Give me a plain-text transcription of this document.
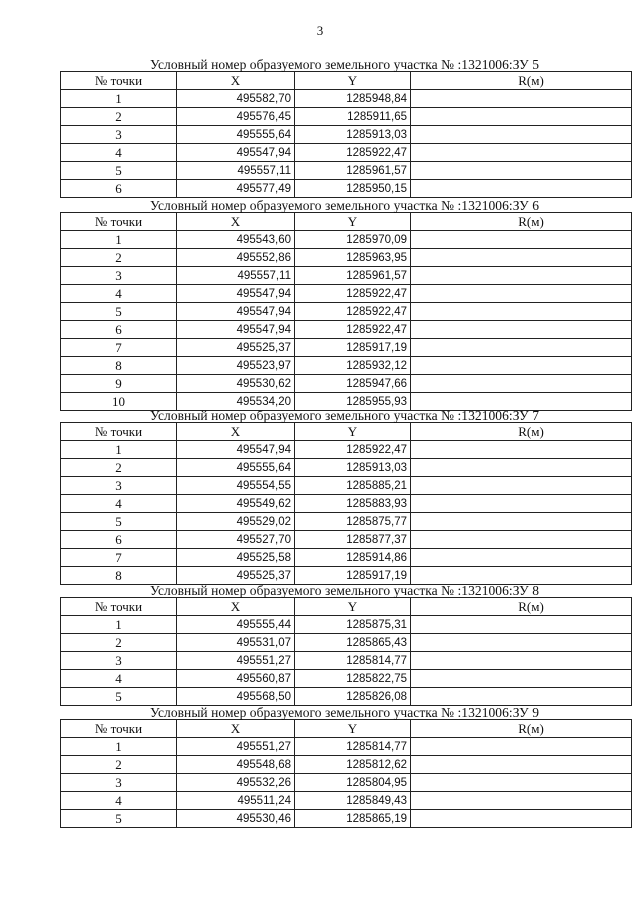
3
Условный номер образуемого земельного участка № :1321006:ЗУ 5
№ точки	X	Y	R(м)
1	495582,70	1285948,84	
2	495576,45	1285911,65	
3	495555,64	1285913,03	
4	495547,94	1285922,47	
5	495557,11	1285961,57	
6	495577,49	1285950,15	
Условный номер образуемого земельного участка № :1321006:ЗУ 6
№ точки	X	Y	R(м)
1	495543,60	1285970,09	
2	495552,86	1285963,95	
3	495557,11	1285961,57	
4	495547,94	1285922,47	
5	495547,94	1285922,47	
6	495547,94	1285922,47	
7	495525,37	1285917,19	
8	495523,97	1285932,12	
9	495530,62	1285947,66	
10	495534,20	1285955,93	
Условный номер образуемого земельного участка № :1321006:ЗУ 7
№ точки	X	Y	R(м)
1	495547,94	1285922,47	
2	495555,64	1285913,03	
3	495554,55	1285885,21	
4	495549,62	1285883,93	
5	495529,02	1285875,77	
6	495527,70	1285877,37	
7	495525,58	1285914,86	
8	495525,37	1285917,19	
Условный номер образуемого земельного участка № :1321006:ЗУ 8
№ точки	X	Y	R(м)
1	495555,44	1285875,31	
2	495531,07	1285865,43	
3	495551,27	1285814,77	
4	495560,87	1285822,75	
5	495568,50	1285826,08	
Условный номер образуемого земельного участка № :1321006:ЗУ 9
№ точки	X	Y	R(м)
1	495551,27	1285814,77	
2	495548,68	1285812,62	
3	495532,26	1285804,95	
4	495511,24	1285849,43	
5	495530,46	1285865,19	
